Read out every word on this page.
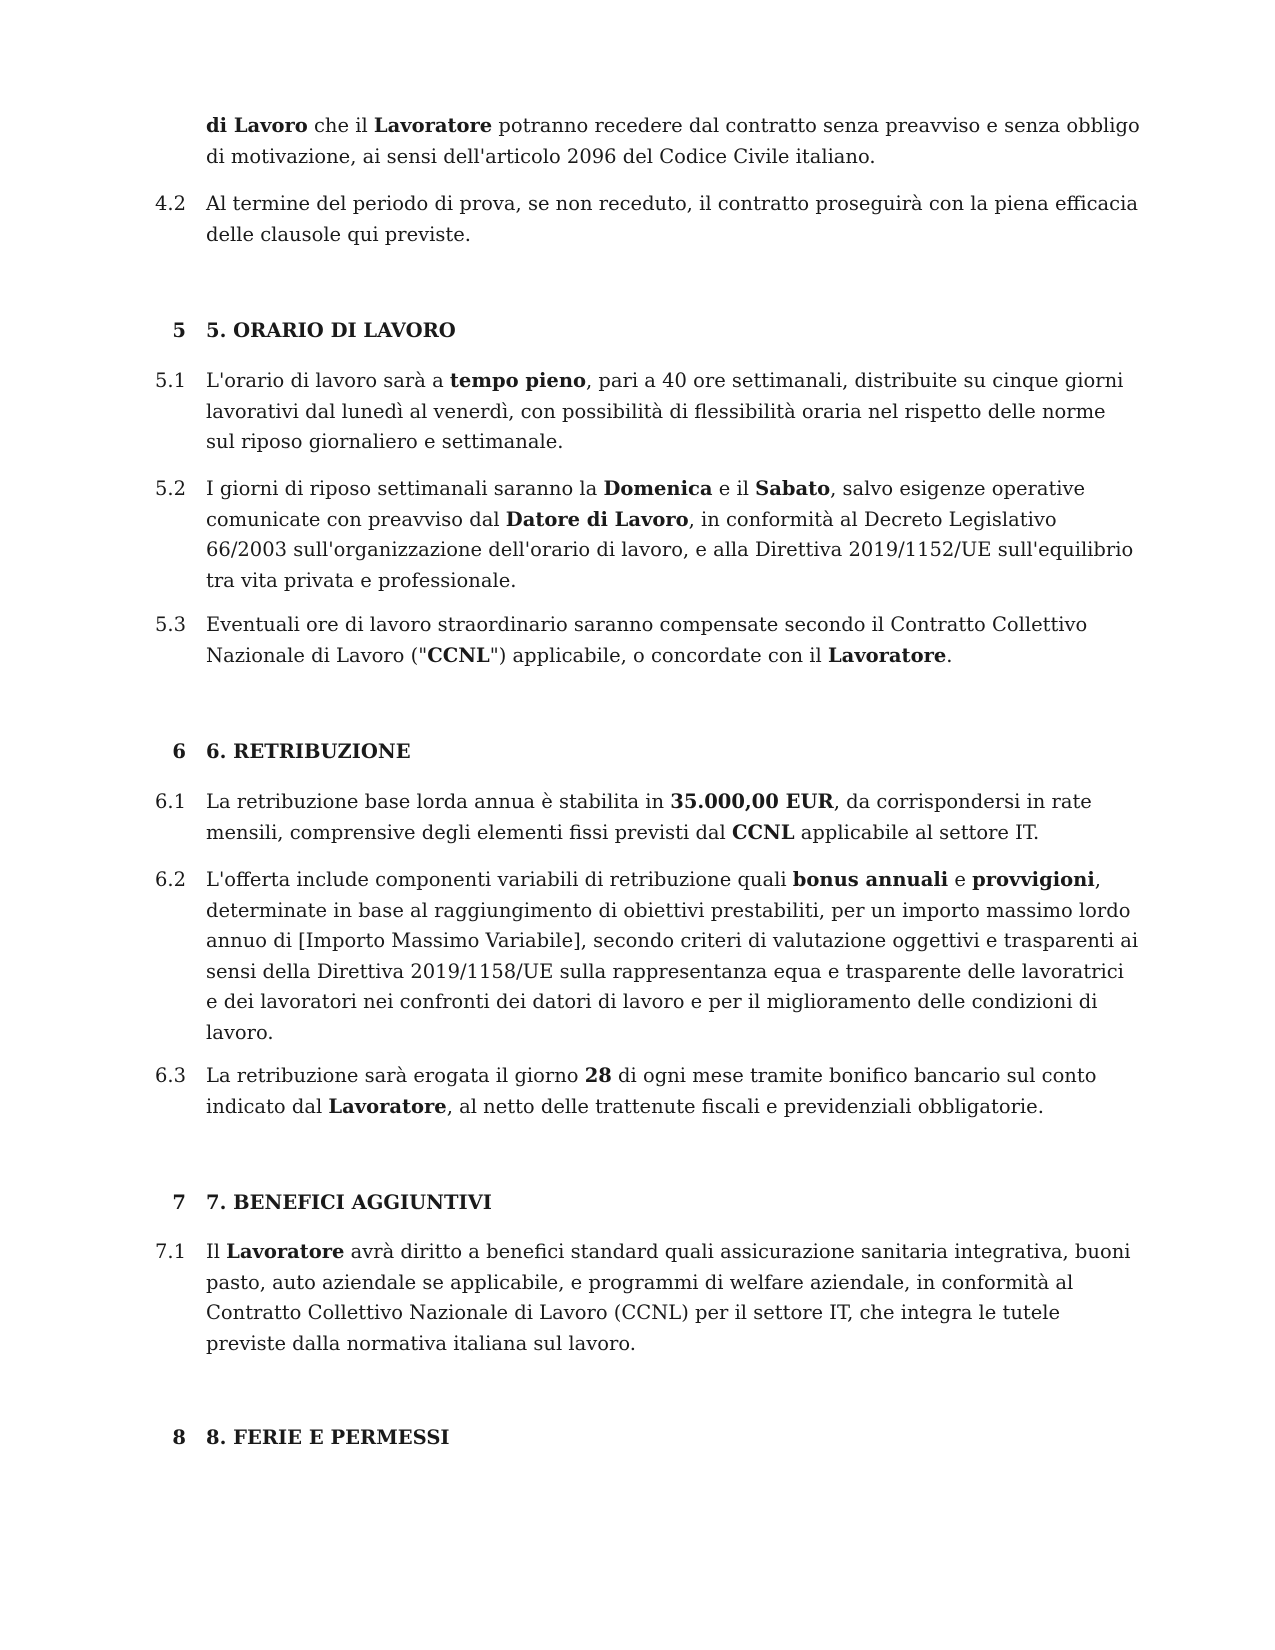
di Lavoro che il Lavoratore potranno recedere dal contratto senza preavviso e senza obbligo di motivazione, ai sensi dell'articolo 2096 del Codice Civile italiano.
4.2 Al termine del periodo di prova, se non receduto, il contratto proseguirà con la piena efficacia delle clausole qui previste.
5 5. ORARIO DI LAVORO
5.1 L'orario di lavoro sarà a tempo pieno, pari a 40 ore settimanali, distribuite su cinque giorni lavorativi dal lunedì al venerdì, con possibilità di flessibilità oraria nel rispetto delle norme sul riposo giornaliero e settimanale.
5.2 I giorni di riposo settimanali saranno la Domenica e il Sabato, salvo esigenze operative comunicate con preavviso dal Datore di Lavoro, in conformità al Decreto Legislativo 66/2003 sull'organizzazione dell'orario di lavoro, e alla Direttiva 2019/1152/UE sull'equilibrio tra vita privata e professionale.
5.3 Eventuali ore di lavoro straordinario saranno compensate secondo il Contratto Collettivo Nazionale di Lavoro ("CCNL") applicabile, o concordate con il Lavoratore.
6 6. RETRIBUZIONE
6.1 La retribuzione base lorda annua è stabilita in 35.000,00 EUR, da corrispondersi in rate mensili, comprensive degli elementi fissi previsti dal CCNL applicabile al settore IT.
6.2 L'offerta include componenti variabili di retribuzione quali bonus annuali e provvigioni, determinate in base al raggiungimento di obiettivi prestabiliti, per un importo massimo lordo annuo di [Importo Massimo Variabile], secondo criteri di valutazione oggettivi e trasparenti ai sensi della Direttiva 2019/1158/UE sulla rappresentanza equa e trasparente delle lavoratrici e dei lavoratori nei confronti dei datori di lavoro e per il miglioramento delle condizioni di lavoro.
6.3 La retribuzione sarà erogata il giorno 28 di ogni mese tramite bonifico bancario sul conto indicato dal Lavoratore, al netto delle trattenute fiscali e previdenziali obbligatorie.
7 7. BENEFICI AGGIUNTIVI
7.1 Il Lavoratore avrà diritto a benefici standard quali assicurazione sanitaria integrativa, buoni pasto, auto aziendale se applicabile, e programmi di welfare aziendale, in conformità al Contratto Collettivo Nazionale di Lavoro (CCNL) per il settore IT, che integra le tutele previste dalla normativa italiana sul lavoro.
8 8. FERIE E PERMESSI
